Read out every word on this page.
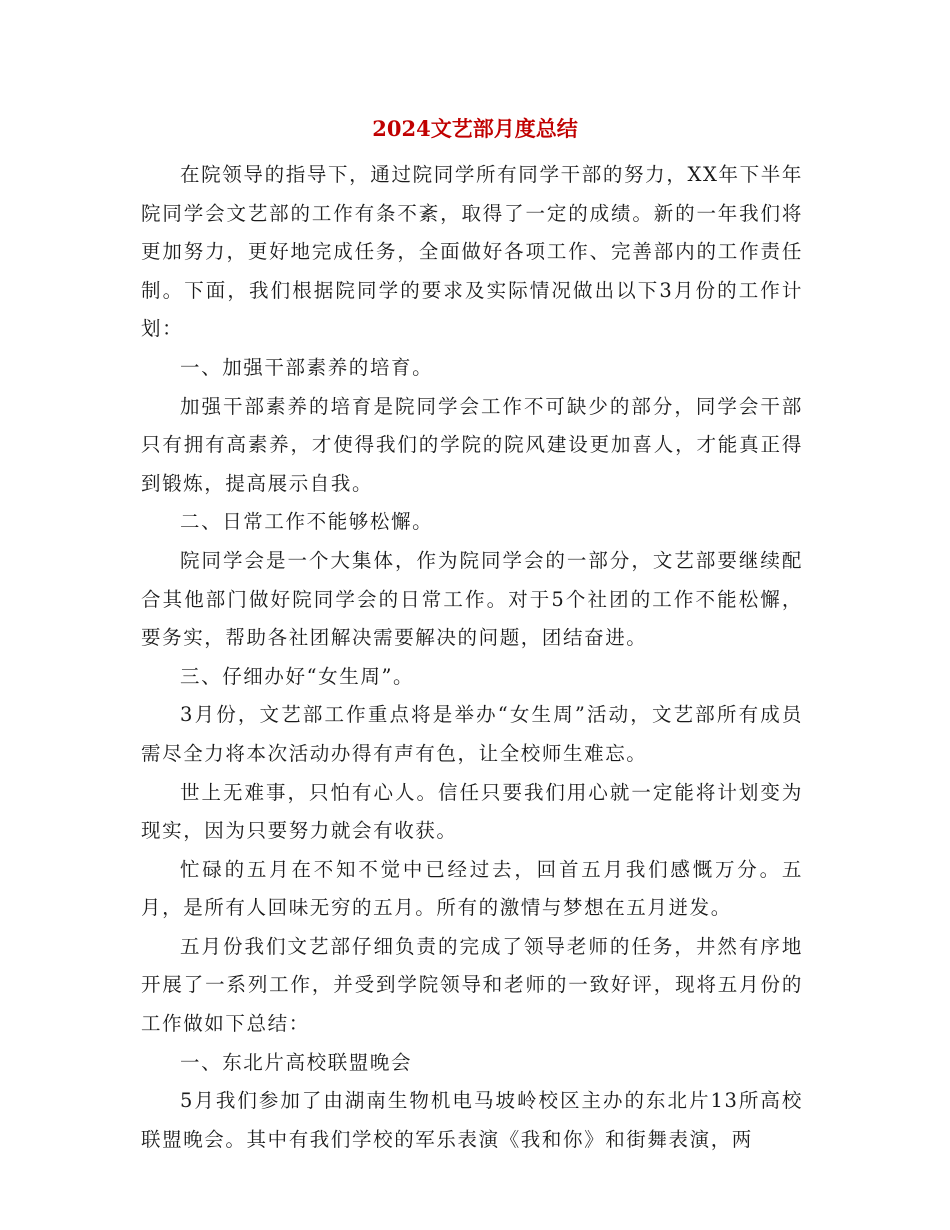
2024文艺部月度总结

在院领导的指导下，通过院同学所有同学干部的努力，XX年下半年院同学会文艺部的工作有条不紊，取得了一定的成绩。新的一年我们将更加努力，更好地完成任务，全面做好各项工作、完善部内的工作责任制。下面，我们根据院同学的要求及实际情况做出以下3月份的工作计划：

一、加强干部素养的培育。

加强干部素养的培育是院同学会工作不可缺少的部分，同学会干部只有拥有高素养，才使得我们的学院的院风建设更加喜人，才能真正得到锻炼，提高展示自我。

二、日常工作不能够松懈。

院同学会是一个大集体，作为院同学会的一部分，文艺部要继续配合其他部门做好院同学会的日常工作。对于5个社团的工作不能松懈，要务实，帮助各社团解决需要解决的问题，团结奋进。

三、仔细办好“女生周”。

3月份，文艺部工作重点将是举办“女生周”活动，文艺部所有成员需尽全力将本次活动办得有声有色，让全校师生难忘。

世上无难事，只怕有心人。信任只要我们用心就一定能将计划变为现实，因为只要努力就会有收获。

忙碌的五月在不知不觉中已经过去，回首五月我们感慨万分。五月，是所有人回味无穷的五月。所有的激情与梦想在五月迸发。

五月份我们文艺部仔细负责的完成了领导老师的任务，井然有序地开展了一系列工作，并受到学院领导和老师的一致好评，现将五月份的工作做如下总结：

一、东北片高校联盟晚会

5月我们参加了由湖南生物机电马坡岭校区主办的东北片13所高校联盟晚会。其中有我们学校的军乐表演《我和你》和街舞表演，两
